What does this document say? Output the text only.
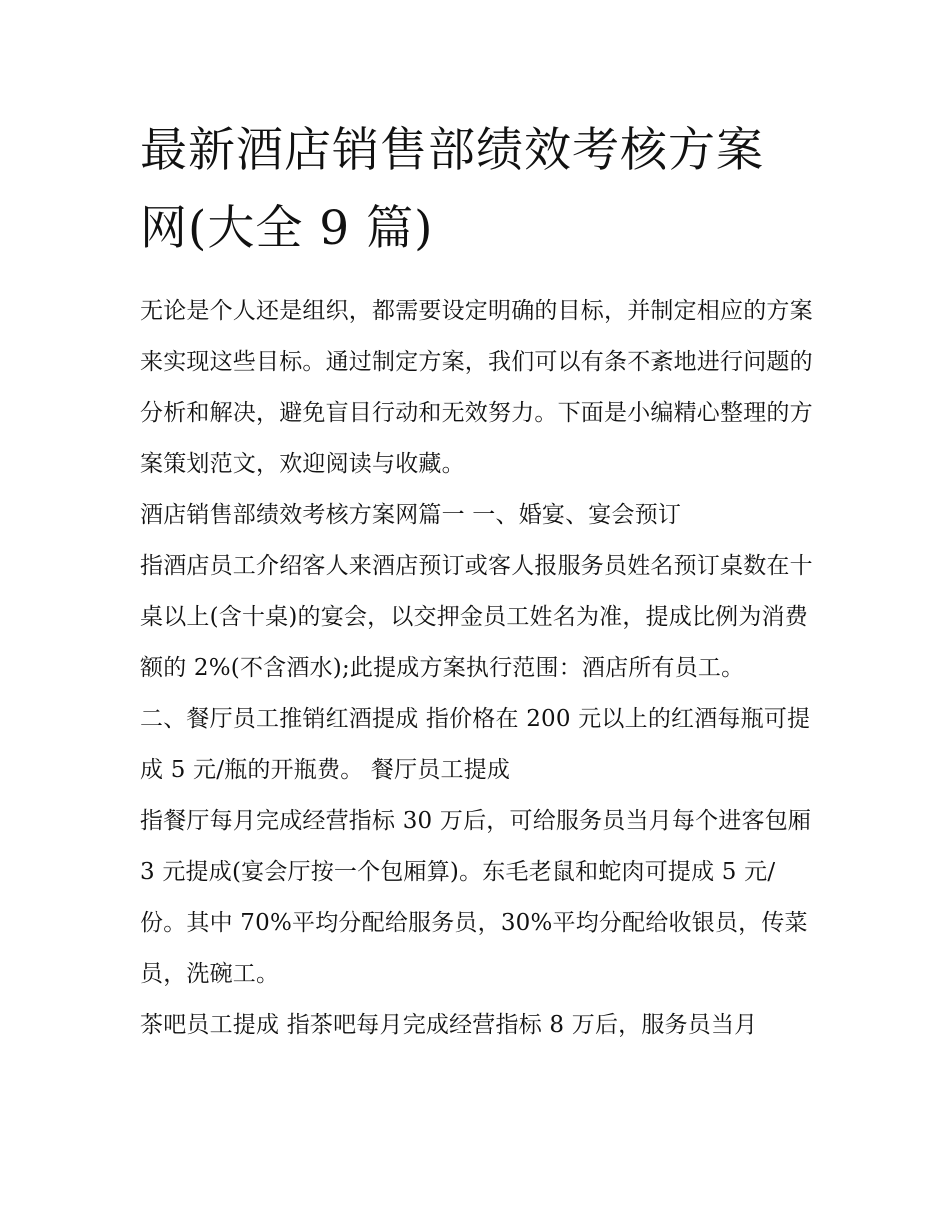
最新酒店销售部绩效考核方案
网(大全 9 篇)

无论是个人还是组织，都需要设定明确的目标，并制定相应的方案来实现这些目标。通过制定方案，我们可以有条不紊地进行问题的分析和解决，避免盲目行动和无效努力。下面是小编精心整理的方案策划范文，欢迎阅读与收藏。

酒店销售部绩效考核方案网篇一 一、婚宴、宴会预订

指酒店员工介绍客人来酒店预订或客人报服务员姓名预订桌数在十桌以上(含十桌)的宴会，以交押金员工姓名为准，提成比例为消费额的 2%(不含酒水);此提成方案执行范围：酒店所有员工。

二、餐厅员工推销红酒提成 指价格在 200 元以上的红酒每瓶可提成 5 元/瓶的开瓶费。 餐厅员工提成

指餐厅每月完成经营指标 30 万后，可给服务员当月每个进客包厢 3 元提成(宴会厅按一个包厢算)。东毛老鼠和蛇肉可提成 5 元/份。其中 70%平均分配给服务员，30%平均分配给收银员，传菜员，洗碗工。

茶吧员工提成 指茶吧每月完成经营指标 8 万后，服务员当月
